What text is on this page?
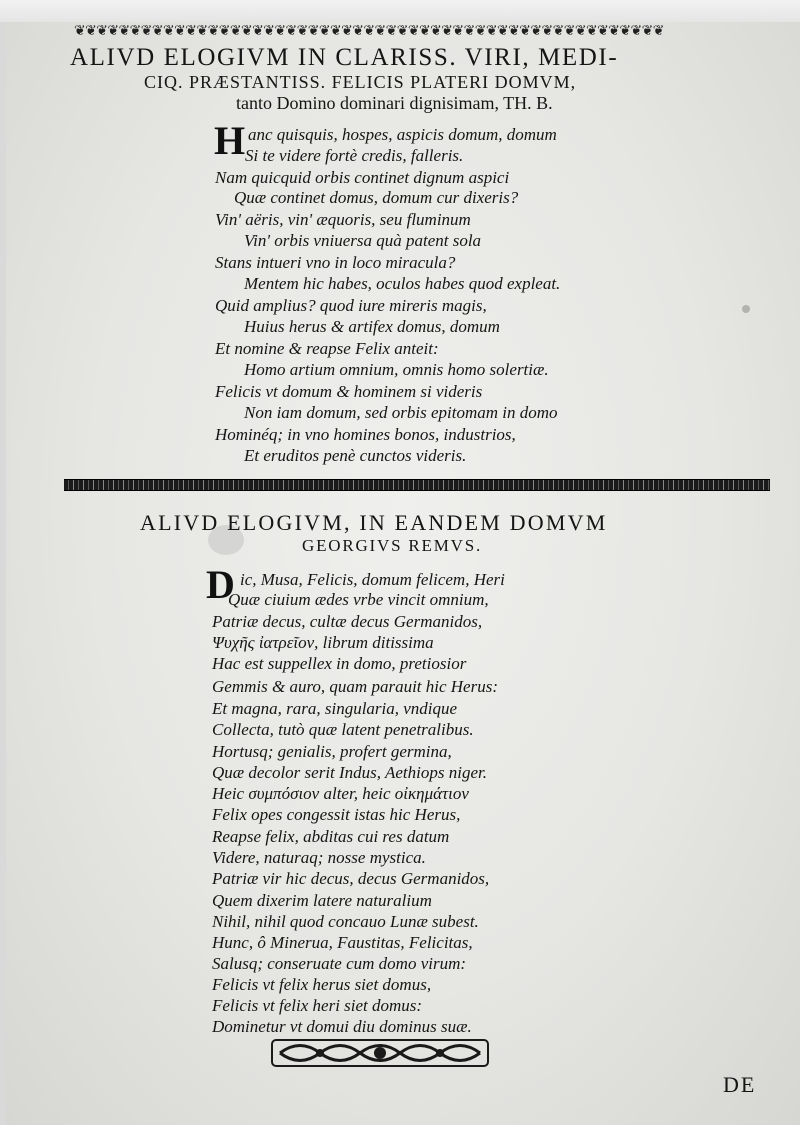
❦❦❦❦❦❦❦❦❦❦❦❦❦❦❦❦❦❦❦❦❦❦❦❦❦❦❦❦❦❦❦❦❦❦❦❦❦❦❦❦❦❦❦❦❦❦❦❦❦❦❦❦❦
ALIVD ELOGIVM IN CLARISS. VIRI, MEDI-
CIQ. PRÆSTANTISS. FELICIS PLATERI DOMVM,
tanto Domino dominari dignisimam, TH. B.
H anc quisquis, hospes, aspicis domum, domum
Si te videre fortè credis, falleris.
Nam quicquid orbis continet dignum aspici
Quæ continet domus, domum cur dixeris?
Vin' aëris, vin' æquoris, seu fluminum
Vin' orbis vniuersa quà patent sola
Stans intueri vno in loco miracula?
Mentem hic habes, oculos habes quod expleat.
Quid amplius? quod iure mireris magis,
Huius herus & artifex domus, domum
Et nomine & reapse Felix anteit:
Homo artium omnium, omnis homo solertiæ.
Felicis vt domum & hominem si videris
Non iam domum, sed orbis epitomam in domo
Hominéq; in vno homines bonos, industrios,
Et eruditos penè cunctos videris.
ALIVD ELOGIVM, IN EANDEM DOMVM
GEORGIVS REMVS.
D ic, Musa, Felicis, domum felicem, Heri
Quæ ciuium ædes vrbe vincit omnium,
Patriæ decus, cultæ decus Germanidos,
Ψυχῆς ἰατρεῖον, librum ditissima
Hac est suppellex in domo, pretiosior
Gemmis & auro, quam parauit hic Herus:
Et magna, rara, singularia, vndique
Collecta, tutò quæ latent penetralibus.
Hortusq; genialis, profert germina,
Quæ decolor serit Indus, Aethiops niger.
Heic συμπόσιον alter, heic οἰκημάτιον
Felix opes congessit istas hic Herus,
Reapse felix, abditas cui res datum
Videre, naturaq; nosse mystica.
Patriæ vir hic decus, decus Germanidos,
Quem dixerim latere naturalium
Nihil, nihil quod concauo Lunæ subest.
Hunc, ô Minerua, Faustitas, Felicitas,
Salusq; conseruate cum domo virum:
Felicis vt felix herus siet domus,
Felicis vt felix heri siet domus:
Dominetur vt domui diu dominus suæ.
DE
